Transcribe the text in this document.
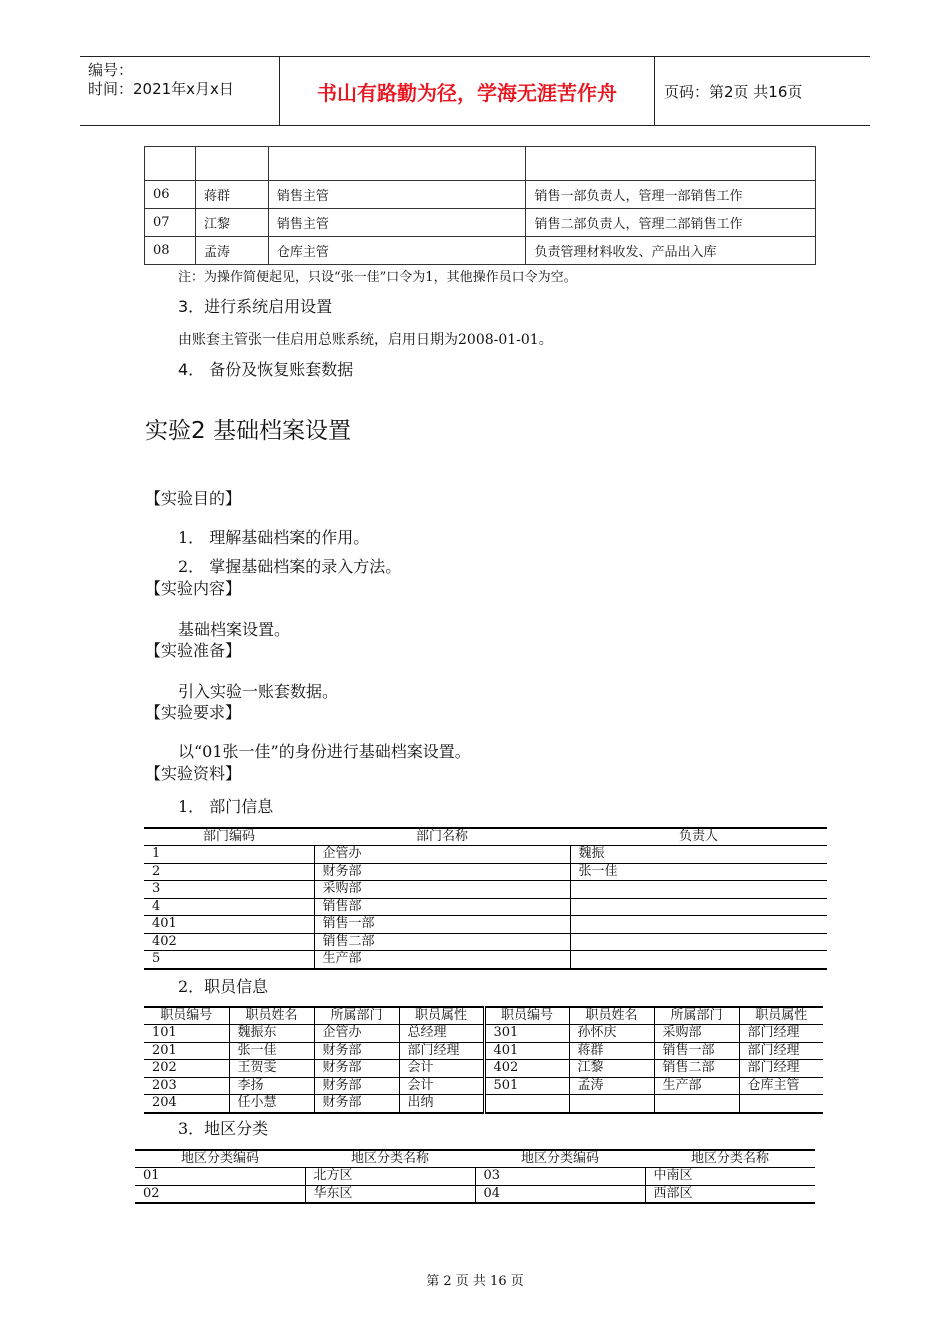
编号：
时间：2021年x月x日	书山有路勤为径，学海无涯苦作舟	页码：第2页 共16页

06	蒋群	销售主管	销售一部负责人，管理一部销售工作
07	江黎	销售主管	销售二部负责人，管理二部销售工作
08	孟涛	仓库主管	负责管理材料收发、产品出入库
注：为操作简便起见，只设“张一佳”口令为1，其他操作员口令为空。
3．进行系统启用设置
由账套主管张一佳启用总账系统，启用日期为2008-01-01。
4． 备份及恢复账套数据
实验2 基础档案设置
【实验目的】
1． 理解基础档案的作用。
2． 掌握基础档案的录入方法。
【实验内容】
基础档案设置。
【实验准备】
引入实验一账套数据。
【实验要求】
以“01张一佳”的身份进行基础档案设置。
【实验资料】
1． 部门信息
部门编码	部门名称	负责人
1	企管办	魏振
2	财务部	张一佳
3	采购部	
4	销售部	
401	销售一部	
402	销售二部	
5	生产部	
2．职员信息
职员编号	职员姓名	所属部门	职员属性	职员编号	职员姓名	所属部门	职员属性
101	魏振东	企管办	总经理	301	孙怀庆	采购部	部门经理
201	张一佳	财务部	部门经理	401	蒋群	销售一部	部门经理
202	王贺雯	财务部	会计	402	江黎	销售二部	部门经理
203	李扬	财务部	会计	501	孟涛	生产部	仓库主管
204	任小慧	财务部	出纳				
3．地区分类
地区分类编码	地区分类名称	地区分类编码	地区分类名称
01	北方区	03	中南区
02	华东区	04	西部区
第 2 页 共 16 页
